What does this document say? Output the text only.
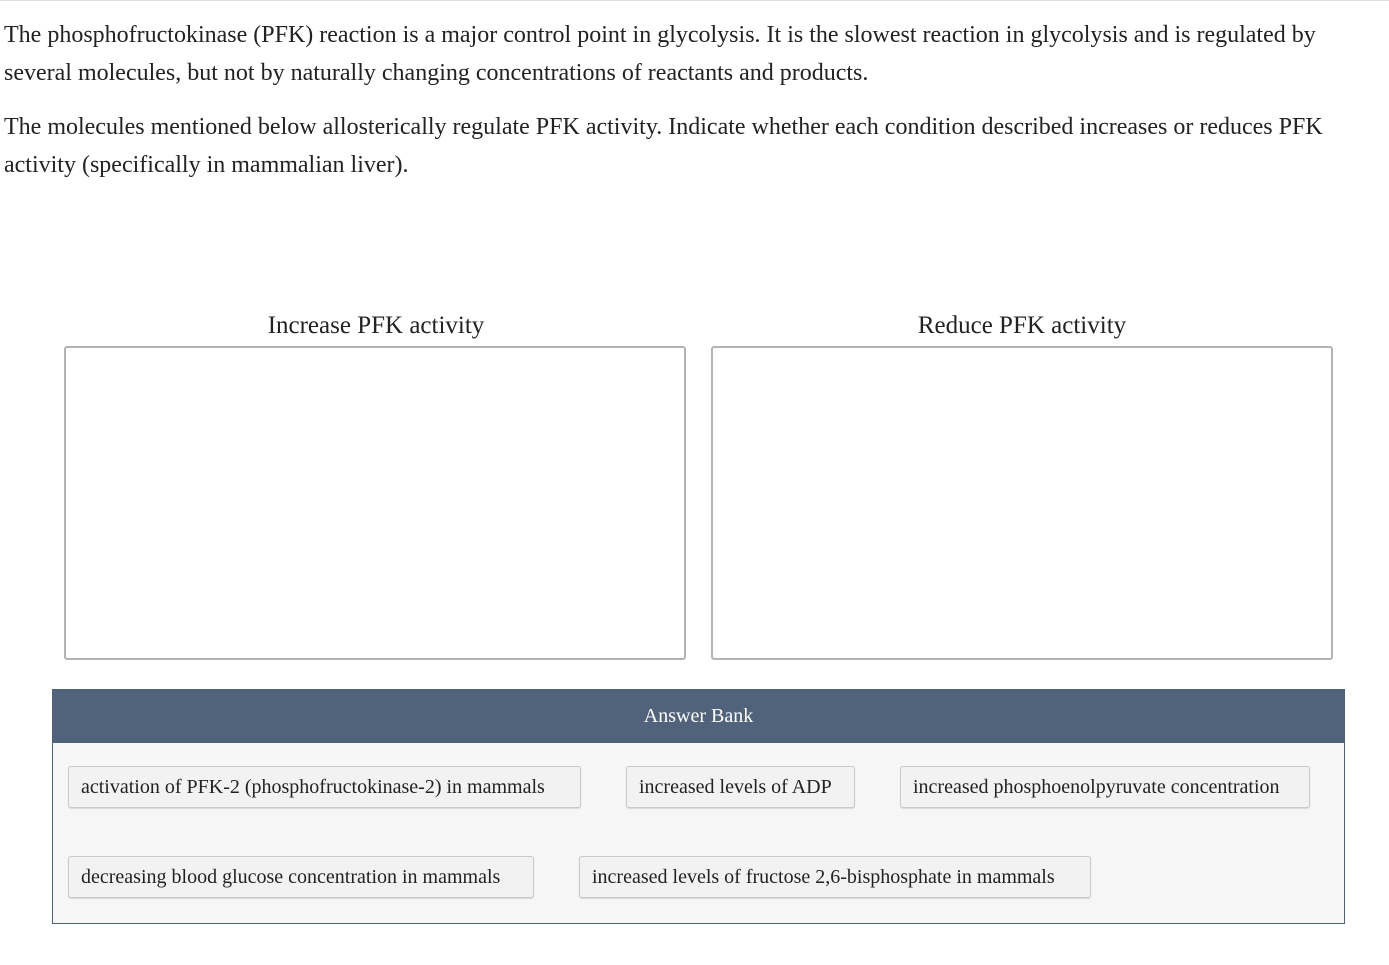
The phosphofructokinase (PFK) reaction is a major control point in glycolysis. It is the slowest reaction in glycolysis and is regulated by several molecules, but not by naturally changing concentrations of reactants and products.

The molecules mentioned below allosterically regulate PFK activity. Indicate whether each condition described increases or reduces PFK activity (specifically in mammalian liver).

Increase PFK activity	Reduce PFK activity
Answer Bank
activation of PFK-2 (phosphofructokinase-2) in mammals	increased levels of ADP	increased phosphoenolpyruvate concentration
decreasing blood glucose concentration in mammals	increased levels of fructose 2,6-bisphosphate in mammals
